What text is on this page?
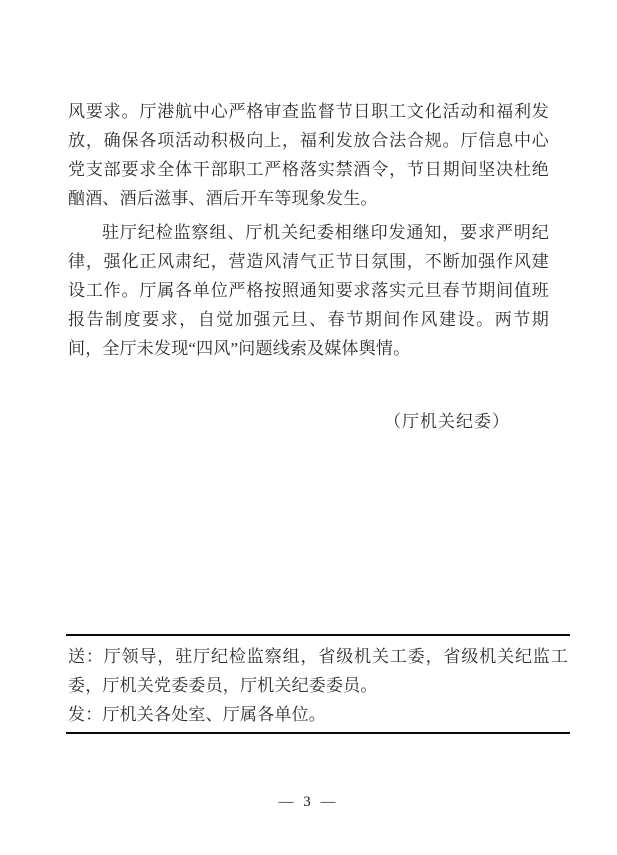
风要求。厅港航中心严格审查监督节日职工文化活动和福利发放，确保各项活动积极向上，福利发放合法合规。厅信息中心党支部要求全体干部职工严格落实禁酒令，节日期间坚决杜绝酗酒、酒后滋事、酒后开车等现象发生。

驻厅纪检监察组、厅机关纪委相继印发通知，要求严明纪律，强化正风肃纪，营造风清气正节日氛围，不断加强作风建设工作。厅属各单位严格按照通知要求落实元旦春节期间值班报告制度要求，自觉加强元旦、春节期间作风建设。两节期间，全厅未发现“四风”问题线索及媒体舆情。

（厅机关纪委）

送：厅领导，驻厅纪检监察组，省级机关工委，省级机关纪监工委，厅机关党委委员，厅机关纪委委员。

发：厅机关各处室、厅属各单位。

— 3 —
